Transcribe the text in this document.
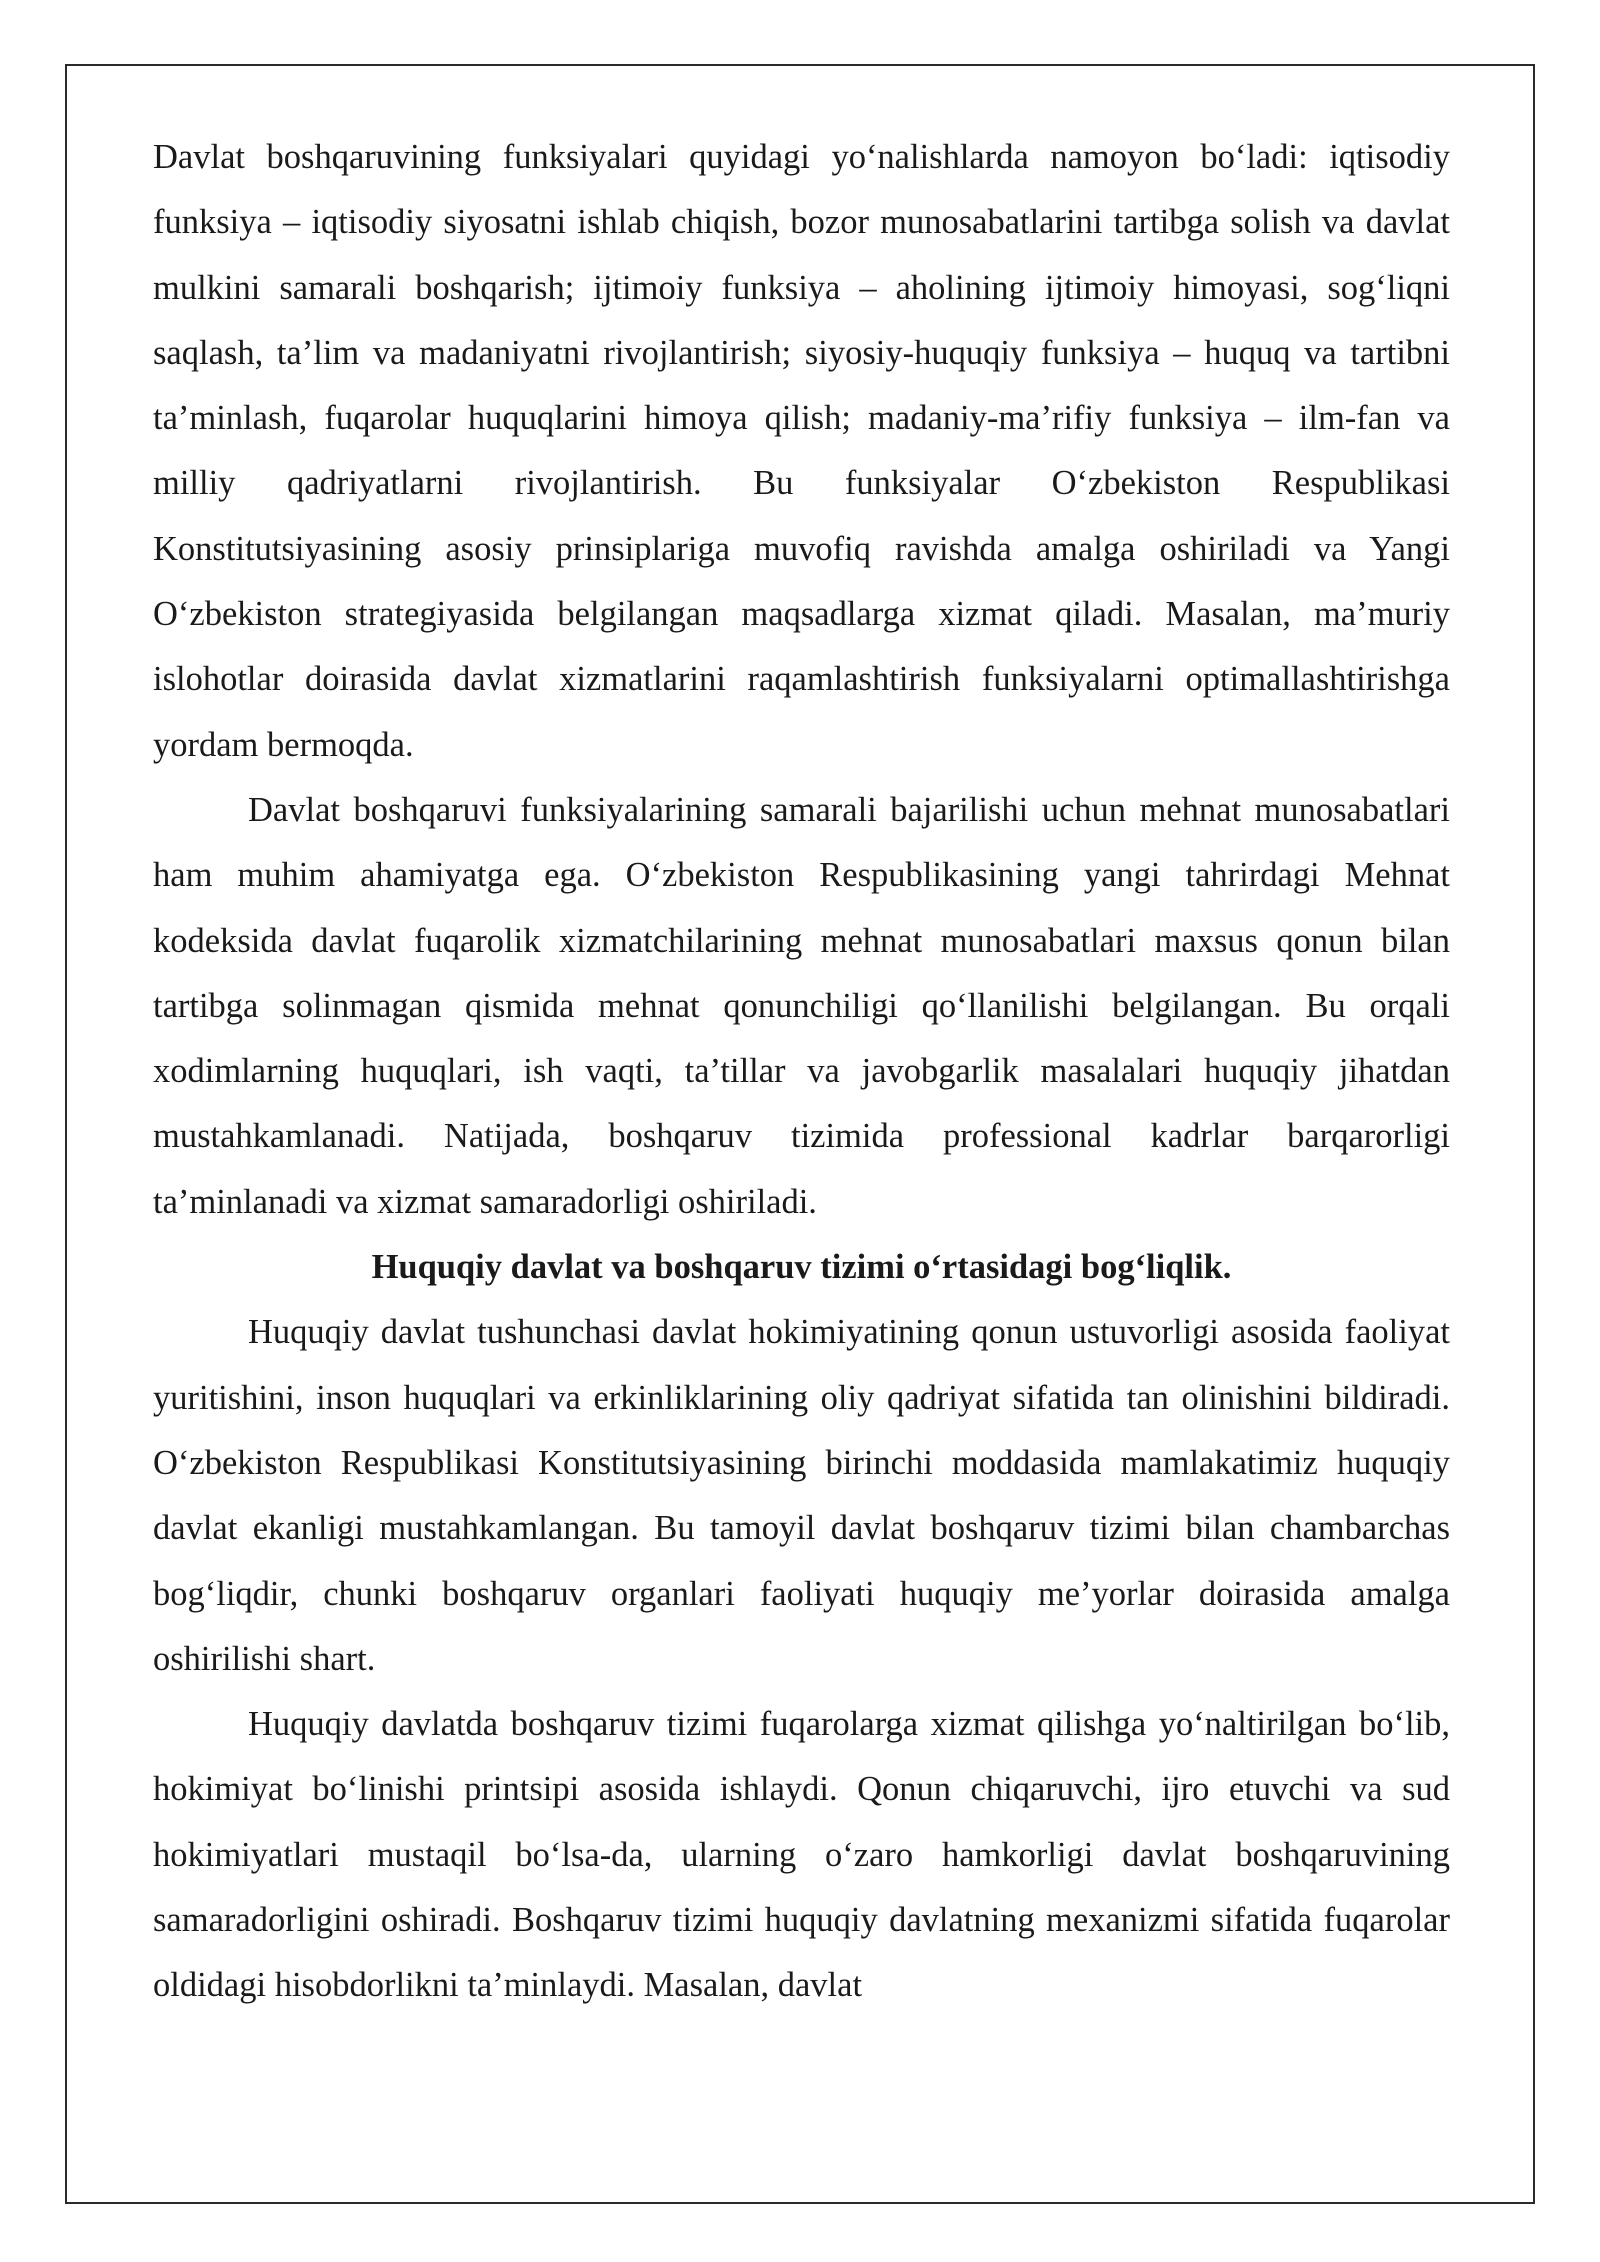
Davlat boshqaruvining funksiyalari quyidagi yo‘nalishlarda namoyon bo‘ladi: iqtisodiy funksiya – iqtisodiy siyosatni ishlab chiqish, bozor munosabatlarini tartibga solish va davlat mulkini samarali boshqarish; ijtimoiy funksiya – aholining ijtimoiy himoyasi, sog‘liqni saqlash, ta’lim va madaniyatni rivojlantirish; siyosiy-huquqiy funksiya – huquq va tartibni ta’minlash, fuqarolar huquqlarini himoya qilish; madaniy-ma’rifiy funksiya – ilm-fan va milliy qadriyatlarni rivojlantirish. Bu funksiyalar O‘zbekiston Respublikasi Konstitutsiyasining asosiy prinsiplariga muvofiq ravishda amalga oshiriladi va Yangi O‘zbekiston strategiyasida belgilangan maqsadlarga xizmat qiladi. Masalan, ma’muriy islohotlar doirasida davlat xizmatlarini raqamlashtirish funksiyalarni optimallashtirishga yordam bermoqda.

Davlat boshqaruvi funksiyalarining samarali bajarilishi uchun mehnat munosabatlari ham muhim ahamiyatga ega. O‘zbekiston Respublikasining yangi tahrirdagi Mehnat kodeksida davlat fuqarolik xizmatchilarining mehnat munosabatlari maxsus qonun bilan tartibga solinmagan qismida mehnat qonunchiligi qo‘llanilishi belgilangan. Bu orqali xodimlarning huquqlari, ish vaqti, ta’tillar va javobgarlik masalalari huquqiy jihatdan mustahkamlanadi. Natijada, boshqaruv tizimida professional kadrlar barqarorligi ta’minlanadi va xizmat samaradorligi oshiriladi.

Huquqiy davlat va boshqaruv tizimi o‘rtasidagi bog‘liqlik.

Huquqiy davlat tushunchasi davlat hokimiyatining qonun ustuvorligi asosida faoliyat yuritishini, inson huquqlari va erkinliklarining oliy qadriyat sifatida tan olinishini bildiradi. O‘zbekiston Respublikasi Konstitutsiyasining birinchi moddasida mamlakatimiz huquqiy davlat ekanligi mustahkamlangan. Bu tamoyil davlat boshqaruv tizimi bilan chambarchas bog‘liqdir, chunki boshqaruv organlari faoliyati huquqiy me’yorlar doirasida amalga oshirilishi shart.

Huquqiy davlatda boshqaruv tizimi fuqarolarga xizmat qilishga yo‘naltirilgan bo‘lib, hokimiyat bo‘linishi printsipi asosida ishlaydi. Qonun chiqaruvchi, ijro etuvchi va sud hokimiyatlari mustaqil bo‘lsa-da, ularning o‘zaro hamkorligi davlat boshqaruvining samaradorligini oshiradi. Boshqaruv tizimi huquqiy davlatning mexanizmi sifatida fuqarolar oldidagi hisobdorlikni ta’minlaydi. Masalan, davlat
